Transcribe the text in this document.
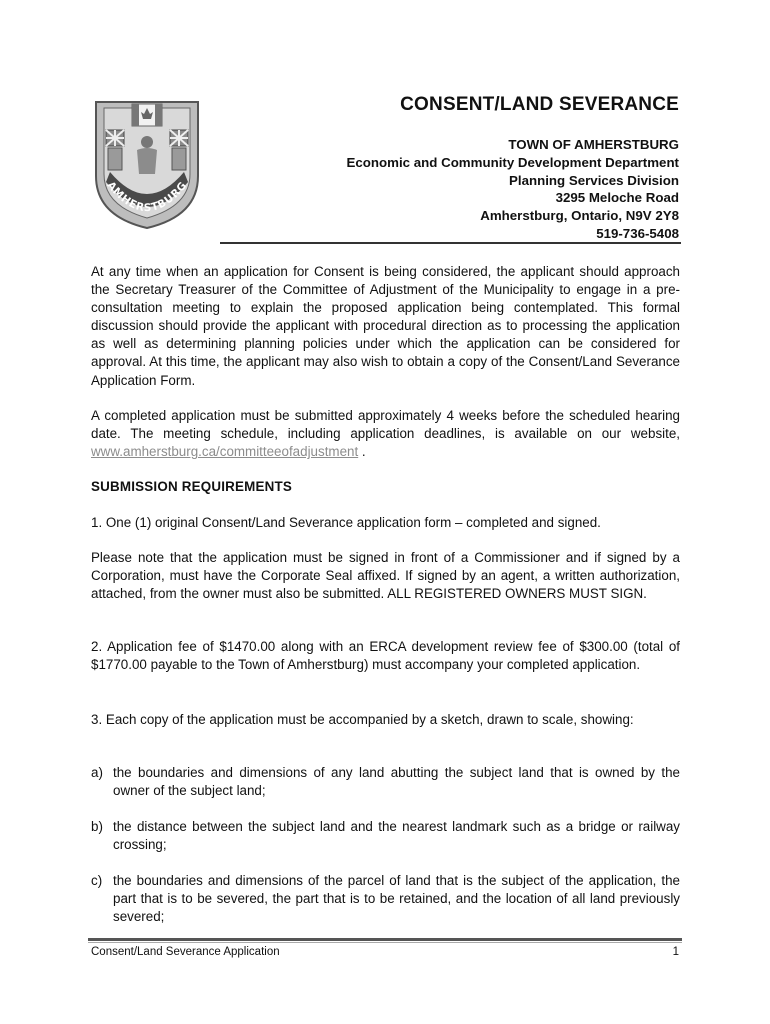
AMHERSTBURG
CONSENT/LAND SEVERANCE
TOWN OF AMHERSTBURG
Economic and Community Development Department
Planning Services Division
3295 Meloche Road
Amherstburg, Ontario, N9V 2Y8
519-736-5408

At any time when an application for Consent is being considered, the applicant should approach the Secretary Treasurer of the Committee of Adjustment of the Municipality to engage in a pre-consultation meeting to explain the proposed application being contemplated. This formal discussion should provide the applicant with procedural direction as to processing the application as well as determining planning policies under which the application can be considered for approval. At this time, the applicant may also wish to obtain a copy of the Consent/Land Severance Application Form.

A completed application must be submitted approximately 4 weeks before the scheduled hearing date. The meeting schedule, including application deadlines, is available on our website, www.amherstburg.ca/committeeofadjustment .

SUBMISSION REQUIREMENTS

1. One (1) original Consent/Land Severance application form – completed and signed.

Please note that the application must be signed in front of a Commissioner and if signed by a Corporation, must have the Corporate Seal affixed. If signed by an agent, a written authorization, attached, from the owner must also be submitted. ALL REGISTERED OWNERS MUST SIGN.

2. Application fee of $1470.00 along with an ERCA development review fee of $300.00 (total of $1770.00 payable to the Town of Amherstburg) must accompany your completed application.

3. Each copy of the application must be accompanied by a sketch, drawn to scale, showing:

a) the boundaries and dimensions of any land abutting the subject land that is owned by the owner of the subject land;
b) the distance between the subject land and the nearest landmark such as a bridge or railway crossing;
c) the boundaries and dimensions of the parcel of land that is the subject of the application, the part that is to be severed, the part that is to be retained, and the location of all land previously severed;
Consent/Land Severance Application	1
